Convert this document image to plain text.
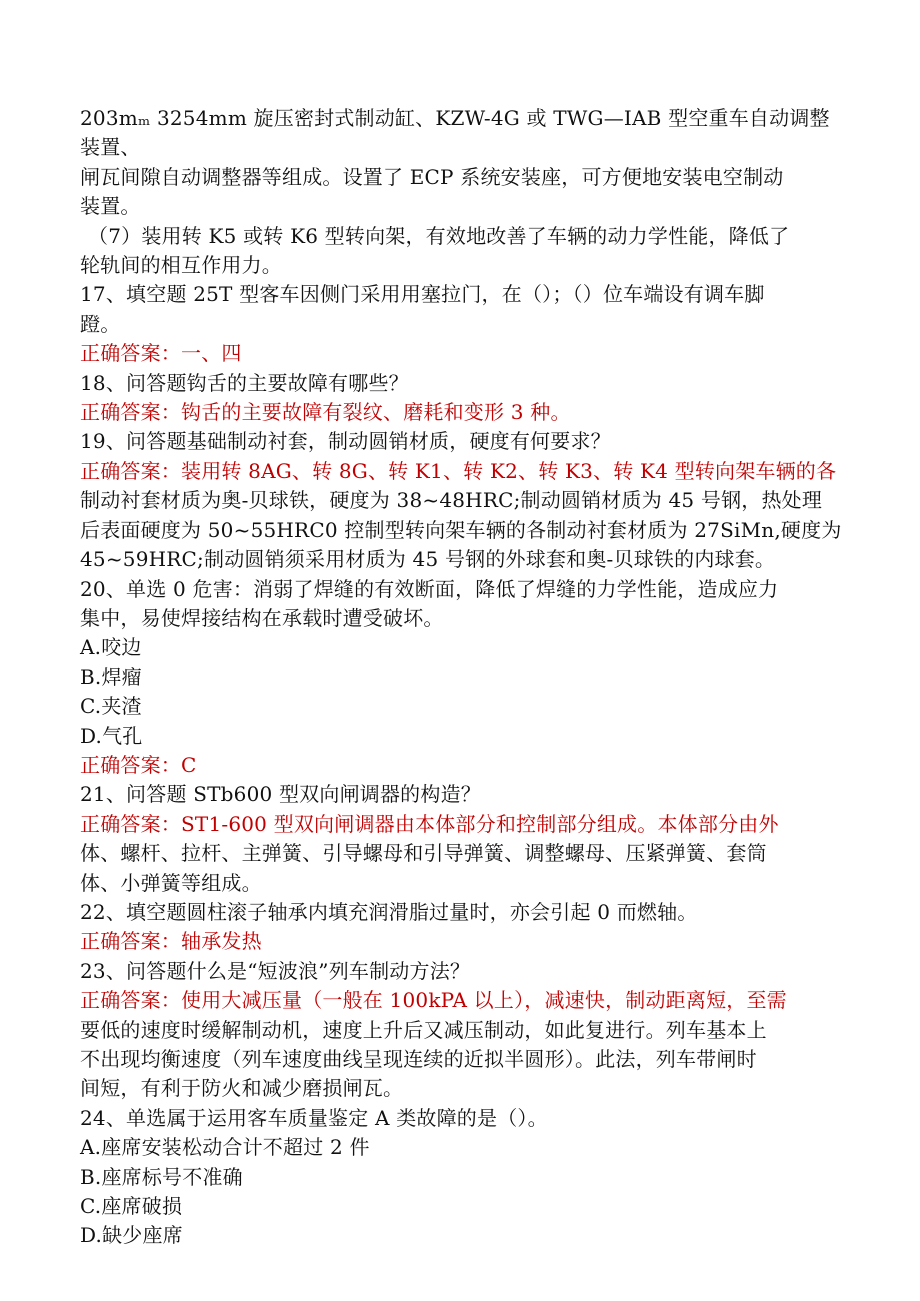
203mₘ 3254mm 旋压密封式制动缸、KZW-4G 或 TWG—IAB 型空重车自动调整装置、

闸瓦间隙自动调整器等组成。设置了 ECP 系统安装座，可方便地安装电空制动

装置。

（7）装用转 K5 或转 K6 型转向架，有效地改善了车辆的动力学性能，降低了

轮轨间的相互作用力。

17、填空题 25T 型客车因侧门采用用塞拉门，在（）；（）位车端设有调车脚

蹬。

正确答案：一、四

18、问答题钩舌的主要故障有哪些？

正确答案：钩舌的主要故障有裂纹、磨耗和变形 3 种。

19、问答题基础制动衬套，制动圆销材质，硬度有何要求？

正确答案：装用转 8AG、转 8G、转 K1、转 K2、转 K3、转 K4 型转向架车辆的各

制动衬套材质为奥-贝球铁，硬度为 38~48HRC;制动圆销材质为 45 号钢，热处理

后表面硬度为 50~55HRC0 控制型转向架车辆的各制动衬套材质为 27SiMn,硬度为

45~59HRC;制动圆销须采用材质为 45 号钢的外球套和奥-贝球铁的内球套。

20、单选 0 危害：消弱了焊缝的有效断面，降低了焊缝的力学性能，造成应力

集中，易使焊接结构在承载时遭受破坏。

A.咬边

B.焊瘤

C.夹渣

D.气孔

正确答案：C

21、问答题 STb600 型双向闸调器的构造？

正确答案：ST1-600 型双向闸调器由本体部分和控制部分组成。本体部分由外

体、螺杆、拉杆、主弹簧、引导螺母和引导弹簧、调整螺母、压紧弹簧、套筒

体、小弹簧等组成。

22、填空题圆柱滚子轴承内填充润滑脂过量时，亦会引起 0 而燃轴。

正确答案：轴承发热

23、问答题什么是“短波浪”列车制动方法？

正确答案：使用大减压量（一般在 100kPA 以上），减速快，制动距离短，至需

要低的速度时缓解制动机，速度上升后又减压制动，如此复进行。列车基本上

不出现均衡速度（列车速度曲线呈现连续的近拟半圆形）。此法，列车带闸时

间短，有利于防火和减少磨损闸瓦。

24、单选属于运用客车质量鉴定 A 类故障的是（）。

A.座席安装松动合计不超过 2 件

B.座席标号不准确

C.座席破损

D.缺少座席
